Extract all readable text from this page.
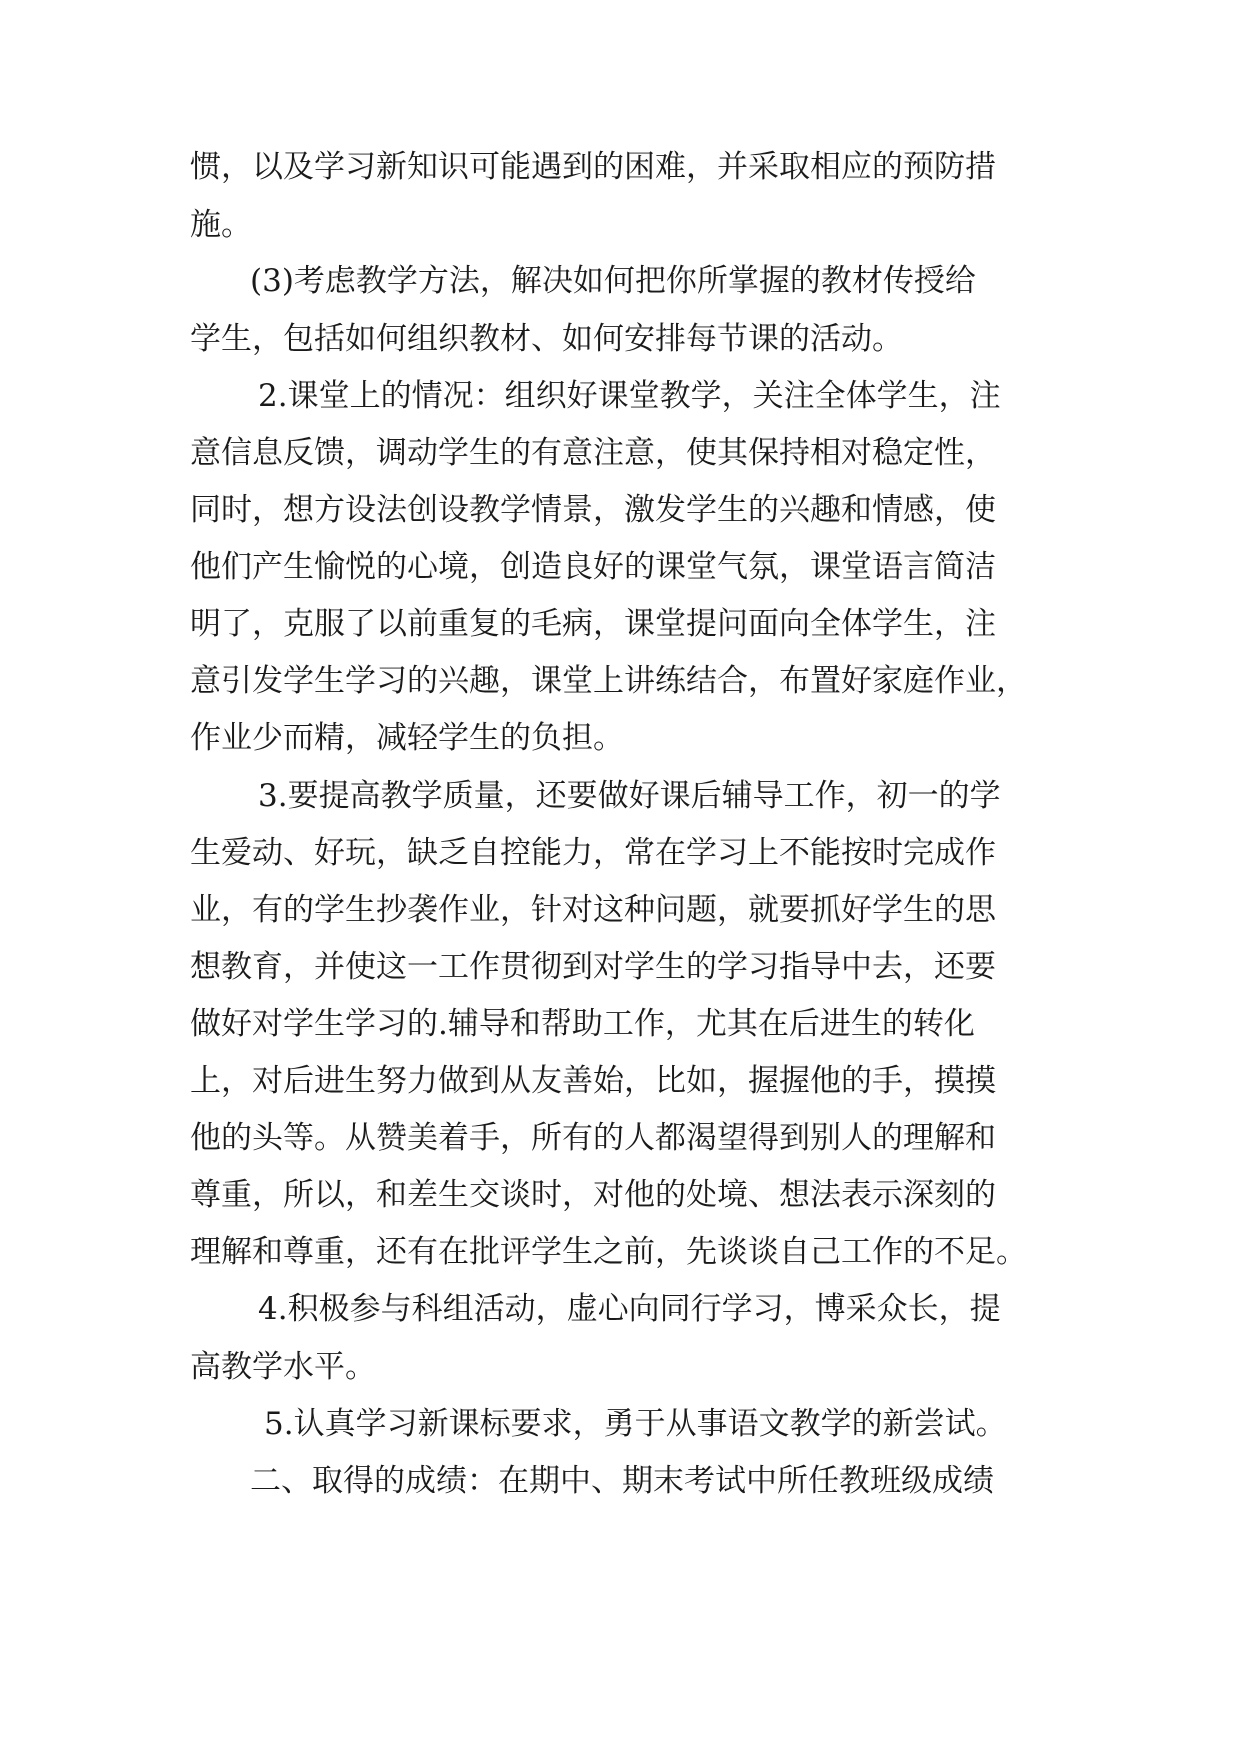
惯，以及学习新知识可能遇到的困难，并采取相应的预防措

施。

(3)考虑教学方法，解决如何把你所掌握的教材传授给

学生，包括如何组织教材、如何安排每节课的活动。

2.课堂上的情况：组织好课堂教学，关注全体学生，注

意信息反馈，调动学生的有意注意，使其保持相对稳定性，

同时，想方设法创设教学情景，激发学生的兴趣和情感，使

他们产生愉悦的心境，创造良好的课堂气氛，课堂语言简洁

明了，克服了以前重复的毛病，课堂提问面向全体学生，注

意引发学生学习的兴趣，课堂上讲练结合，布置好家庭作业，

作业少而精，减轻学生的负担。

3.要提高教学质量，还要做好课后辅导工作，初一的学

生爱动、好玩，缺乏自控能力，常在学习上不能按时完成作

业，有的学生抄袭作业，针对这种问题，就要抓好学生的思

想教育，并使这一工作贯彻到对学生的学习指导中去，还要

做好对学生学习的.辅导和帮助工作，尤其在后进生的转化

上，对后进生努力做到从友善始，比如，握握他的手，摸摸

他的头等。从赞美着手，所有的人都渴望得到别人的理解和

尊重，所以，和差生交谈时，对他的处境、想法表示深刻的

理解和尊重，还有在批评学生之前，先谈谈自己工作的不足。

4.积极参与科组活动，虚心向同行学习，博采众长，提

高教学水平。

5.认真学习新课标要求，勇于从事语文教学的新尝试。

二、取得的成绩：在期中、期末考试中所任教班级成绩
